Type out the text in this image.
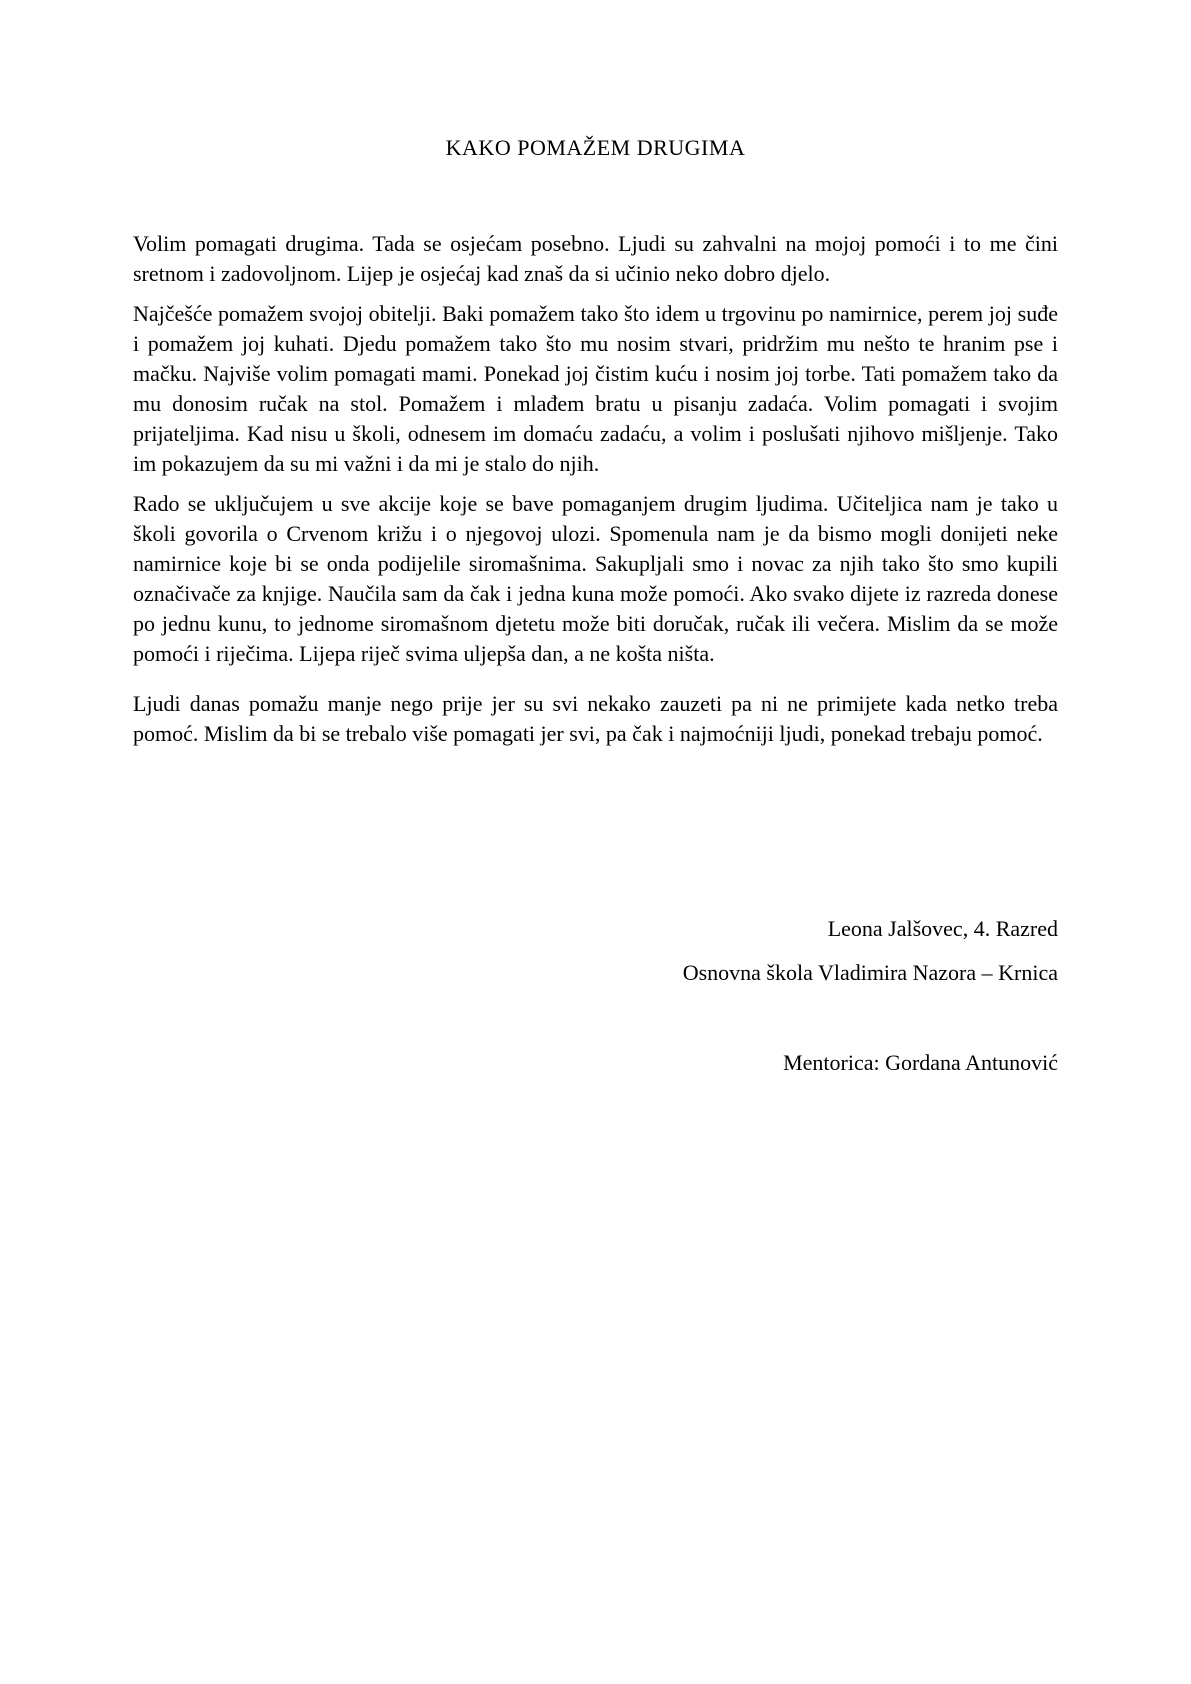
KAKO POMAŽEM DRUGIMA

Volim pomagati drugima. Tada se osjećam posebno. Ljudi su zahvalni na mojoj pomoći i to me čini sretnom i zadovoljnom. Lijep je osjećaj kad znaš da si učinio neko dobro djelo.

Najčešće pomažem svojoj obitelji. Baki pomažem tako što idem u trgovinu po namirnice, perem joj suđe i pomažem joj kuhati. Djedu pomažem tako što mu nosim stvari, pridržim mu nešto te hranim pse i mačku. Najviše volim pomagati mami. Ponekad joj čistim kuću i nosim joj torbe. Tati pomažem tako da mu donosim ručak na stol. Pomažem i mlađem bratu u pisanju zadaća. Volim pomagati i svojim prijateljima. Kad nisu u školi, odnesem im domaću zadaću, a volim i poslušati njihovo mišljenje. Tako im pokazujem da su mi važni i da mi je stalo do njih.

Rado se uključujem u sve akcije koje se bave pomaganjem drugim ljudima. Učiteljica nam je tako u školi govorila o Crvenom križu i o njegovoj ulozi. Spomenula nam je da bismo mogli donijeti neke namirnice koje bi se onda podijelile siromašnima. Sakupljali smo i novac za njih tako što smo kupili označivače za knjige. Naučila sam da čak i jedna kuna može pomoći. Ako svako dijete iz razreda donese po jednu kunu, to jednome siromašnom djetetu može biti doručak, ručak ili večera. Mislim da se može pomoći i riječima. Lijepa riječ svima uljepša dan, a ne košta ništa.

Ljudi danas pomažu manje nego prije jer su svi nekako zauzeti pa ni ne primijete kada netko treba pomoć. Mislim da bi se trebalo više pomagati jer svi, pa čak i najmoćniji ljudi, ponekad trebaju pomoć.

Leona Jalšovec, 4. Razred
Osnovna škola Vladimira Nazora – Krnica
Mentorica: Gordana Antunović
